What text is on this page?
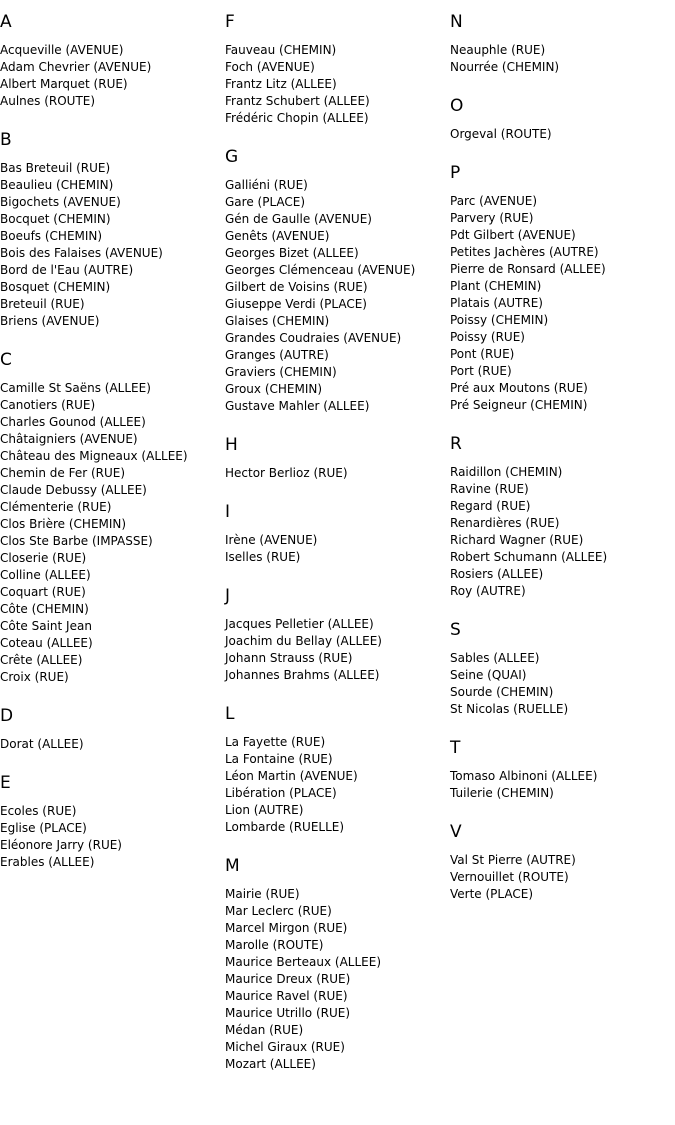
A
Acqueville (AVENUE)
Adam Chevrier (AVENUE)
Albert Marquet (RUE)
Aulnes (ROUTE)
B
Bas Breteuil (RUE)
Beaulieu (CHEMIN)
Bigochets (AVENUE)
Bocquet (CHEMIN)
Boeufs (CHEMIN)
Bois des Falaises (AVENUE)
Bord de l'Eau (AUTRE)
Bosquet (CHEMIN)
Breteuil (RUE)
Briens (AVENUE)
C
Camille St Saëns (ALLEE)
Canotiers (RUE)
Charles Gounod (ALLEE)
Châtaigniers (AVENUE)
Château des Migneaux (ALLEE)
Chemin de Fer (RUE)
Claude Debussy (ALLEE)
Clémenterie (RUE)
Clos Brière (CHEMIN)
Clos Ste Barbe (IMPASSE)
Closerie (RUE)
Colline (ALLEE)
Coquart (RUE)
Côte (CHEMIN)
Côte Saint Jean
Coteau (ALLEE)
Crête (ALLEE)
Croix (RUE)
D
Dorat (ALLEE)
E
Ecoles (RUE)
Eglise (PLACE)
Eléonore Jarry (RUE)
Erables (ALLEE)
F
Fauveau (CHEMIN)
Foch (AVENUE)
Frantz Litz (ALLEE)
Frantz Schubert (ALLEE)
Frédéric Chopin (ALLEE)
G
Galliéni (RUE)
Gare (PLACE)
Gén de Gaulle (AVENUE)
Genêts (AVENUE)
Georges Bizet (ALLEE)
Georges Clémenceau (AVENUE)
Gilbert de Voisins (RUE)
Giuseppe Verdi (PLACE)
Glaises (CHEMIN)
Grandes Coudraies (AVENUE)
Granges (AUTRE)
Graviers (CHEMIN)
Groux (CHEMIN)
Gustave Mahler (ALLEE)
H
Hector Berlioz (RUE)
I
Irène (AVENUE)
Iselles (RUE)
J
Jacques Pelletier (ALLEE)
Joachim du Bellay (ALLEE)
Johann Strauss (RUE)
Johannes Brahms (ALLEE)
L
La Fayette (RUE)
La Fontaine (RUE)
Léon Martin (AVENUE)
Libération (PLACE)
Lion (AUTRE)
Lombarde (RUELLE)
M
Mairie (RUE)
Mar Leclerc (RUE)
Marcel Mirgon (RUE)
Marolle (ROUTE)
Maurice Berteaux (ALLEE)
Maurice Dreux (RUE)
Maurice Ravel (RUE)
Maurice Utrillo (RUE)
Médan (RUE)
Michel Giraux (RUE)
Mozart (ALLEE)
N
Neauphle (RUE)
Nourrée (CHEMIN)
O
Orgeval (ROUTE)
P
Parc (AVENUE)
Parvery (RUE)
Pdt Gilbert (AVENUE)
Petites Jachères (AUTRE)
Pierre de Ronsard (ALLEE)
Plant (CHEMIN)
Platais (AUTRE)
Poissy (CHEMIN)
Poissy (RUE)
Pont (RUE)
Port (RUE)
Pré aux Moutons (RUE)
Pré Seigneur (CHEMIN)
R
Raidillon (CHEMIN)
Ravine (RUE)
Regard (RUE)
Renardières (RUE)
Richard Wagner (RUE)
Robert Schumann (ALLEE)
Rosiers (ALLEE)
Roy (AUTRE)
S
Sables (ALLEE)
Seine (QUAI)
Sourde (CHEMIN)
St Nicolas (RUELLE)
T
Tomaso Albinoni (ALLEE)
Tuilerie (CHEMIN)
V
Val St Pierre (AUTRE)
Vernouillet (ROUTE)
Verte (PLACE)
